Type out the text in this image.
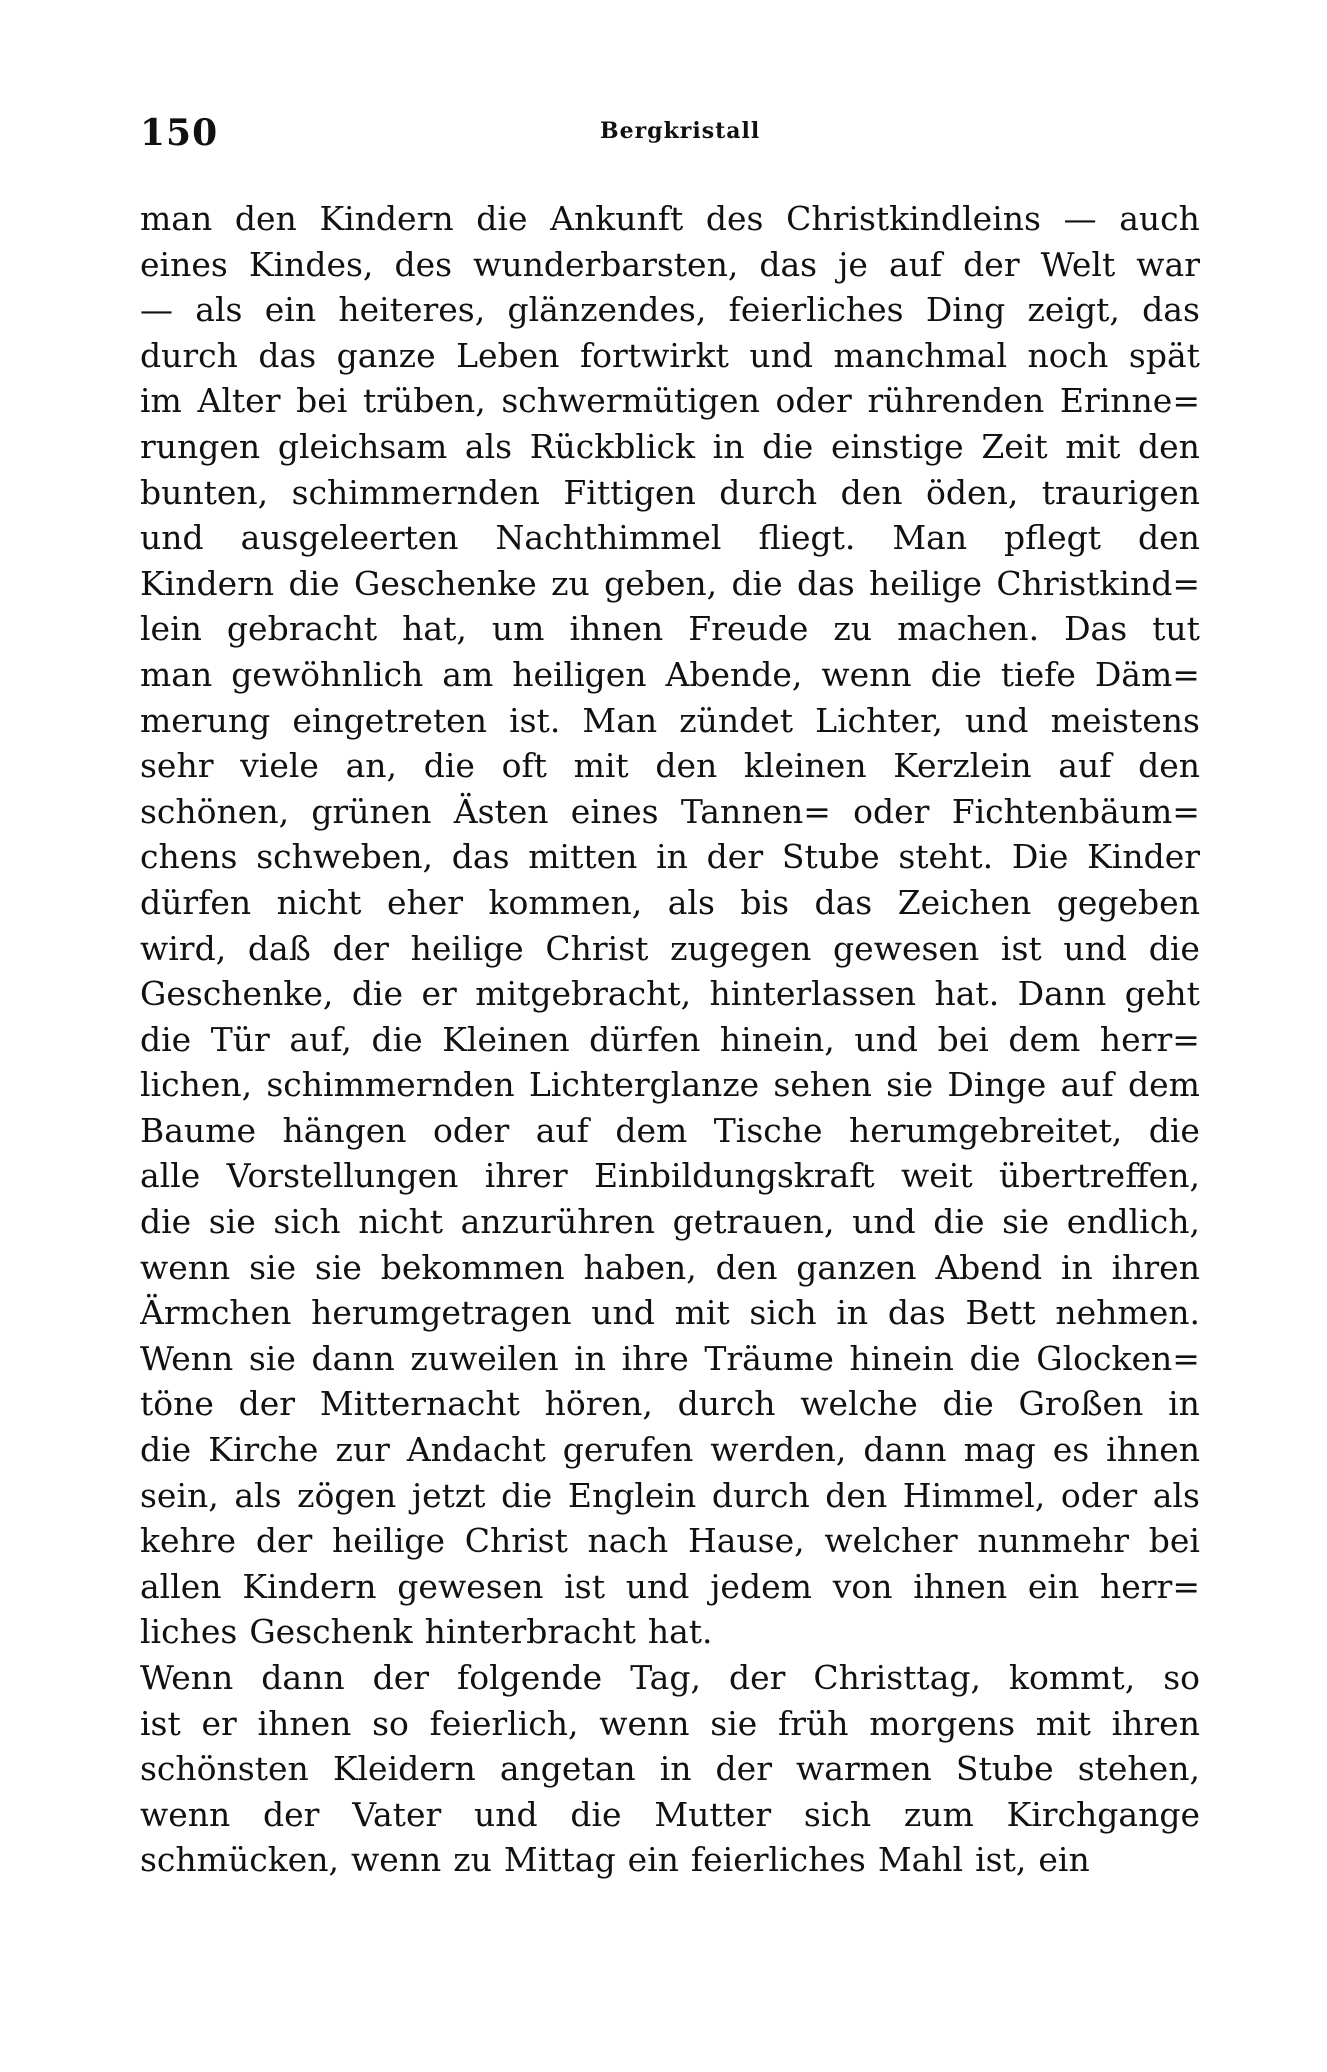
150	Bergkristall
man den Kindern die Ankunft des Christkindleins — auch
eines Kindes, des wunderbarsten, das je auf der Welt war
— als ein heiteres, glänzendes, feierliches Ding zeigt, das
durch das ganze Leben fortwirkt und manchmal noch spät
im Alter bei trüben, schwermütigen oder rührenden Erinne=
rungen gleichsam als Rückblick in die einstige Zeit mit den
bunten, schimmernden Fittigen durch den öden, traurigen
und ausgeleerten Nachthimmel fliegt. Man pflegt den
Kindern die Geschenke zu geben, die das heilige Christkind=
lein gebracht hat, um ihnen Freude zu machen. Das tut
man gewöhnlich am heiligen Abende, wenn die tiefe Däm=
merung eingetreten ist. Man zündet Lichter, und meistens
sehr viele an, die oft mit den kleinen Kerzlein auf den
schönen, grünen Ästen eines Tannen= oder Fichtenbäum=
chens schweben, das mitten in der Stube steht. Die Kinder
dürfen nicht eher kommen, als bis das Zeichen gegeben
wird, daß der heilige Christ zugegen gewesen ist und die
Geschenke, die er mitgebracht, hinterlassen hat. Dann geht
die Tür auf, die Kleinen dürfen hinein, und bei dem herr=
lichen, schimmernden Lichterglanze sehen sie Dinge auf dem
Baume hängen oder auf dem Tische herumgebreitet, die
alle Vorstellungen ihrer Einbildungskraft weit übertreffen,
die sie sich nicht anzurühren getrauen, und die sie endlich,
wenn sie sie bekommen haben, den ganzen Abend in ihren
Ärmchen herumgetragen und mit sich in das Bett nehmen.
Wenn sie dann zuweilen in ihre Träume hinein die Glocken=
töne der Mitternacht hören, durch welche die Großen in
die Kirche zur Andacht gerufen werden, dann mag es ihnen
sein, als zögen jetzt die Englein durch den Himmel, oder als
kehre der heilige Christ nach Hause, welcher nunmehr bei
allen Kindern gewesen ist und jedem von ihnen ein herr=
liches Geschenk hinterbracht hat.
Wenn dann der folgende Tag, der Christtag, kommt, so
ist er ihnen so feierlich, wenn sie früh morgens mit ihren
schönsten Kleidern angetan in der warmen Stube stehen,
wenn der Vater und die Mutter sich zum Kirchgange
schmücken, wenn zu Mittag ein feierliches Mahl ist, ein
